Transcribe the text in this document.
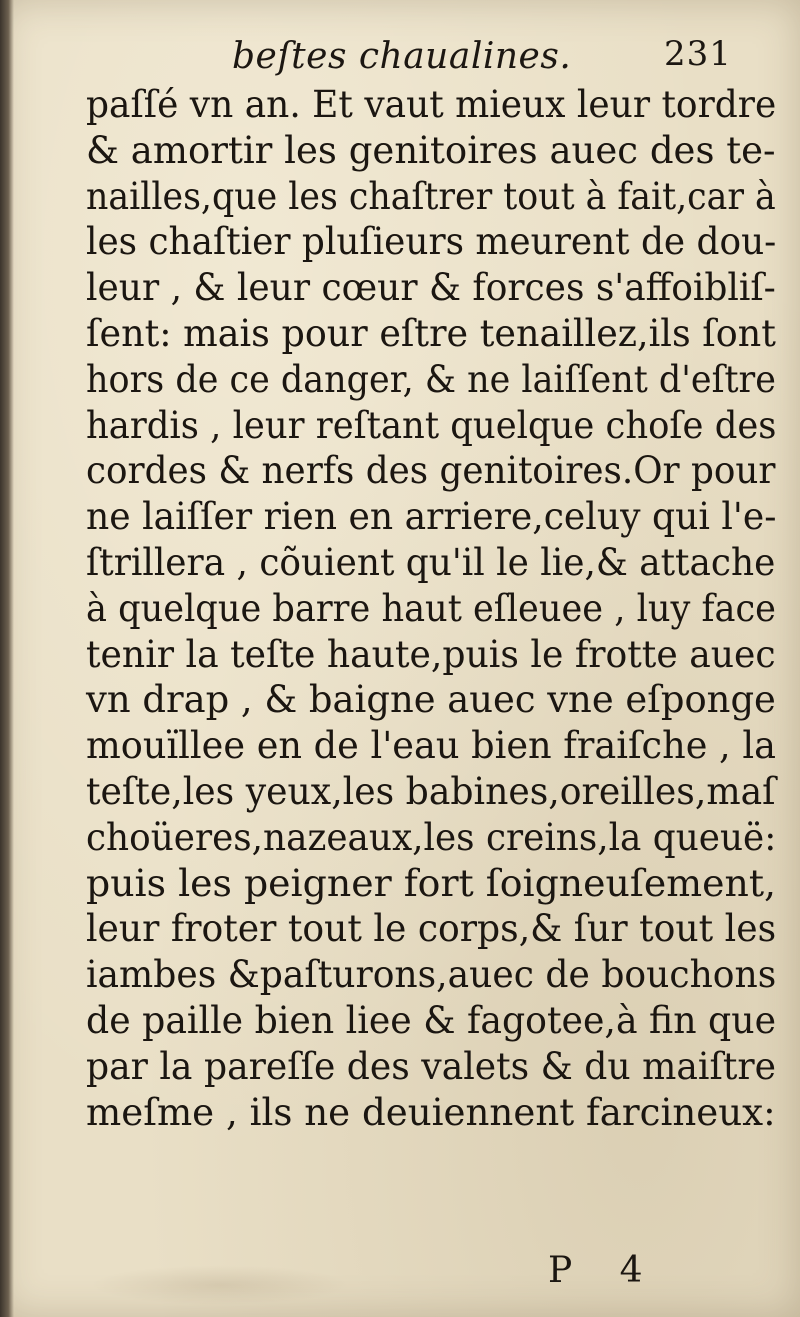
beſtes chaualines.	231
paſſé vn an. Et vaut mieux leur tordre
& amortir les genitoires auec des te-
nailles,que les chaſtrer tout à fait,car à
les chaſtier pluſieurs meurent de dou-
leur , & leur cœur & forces s'affoibliſ-
ſent: mais pour eſtre tenaillez,ils ſont
hors de ce danger, & ne laiſſent d'eſtre
hardis , leur reſtant quelque choſe des
cordes & nerfs des genitoires.Or pour
ne laiſſer rien en arriere,celuy qui l'e-
ſtrillera , cõuient qu'il le lie,& attache
à quelque barre haut eſleuee , luy face
tenir la teſte haute,puis le frotte auec
vn drap , & baigne auec vne eſponge
mouïllee en de l'eau bien fraiſche , la
teſte,les yeux,les babines,oreilles,maſ
choüeres,nazeaux,les creins,la queuë:
puis les peigner fort ſoigneuſement,
leur froter tout le corps,& ſur tout les
iambes &paſturons,auec de bouchons
de paille bien liee & fagotee,à fin que
par la pareſſe des valets & du maiſtre
meſme , ils ne deuiennent farcineux:
P 4
